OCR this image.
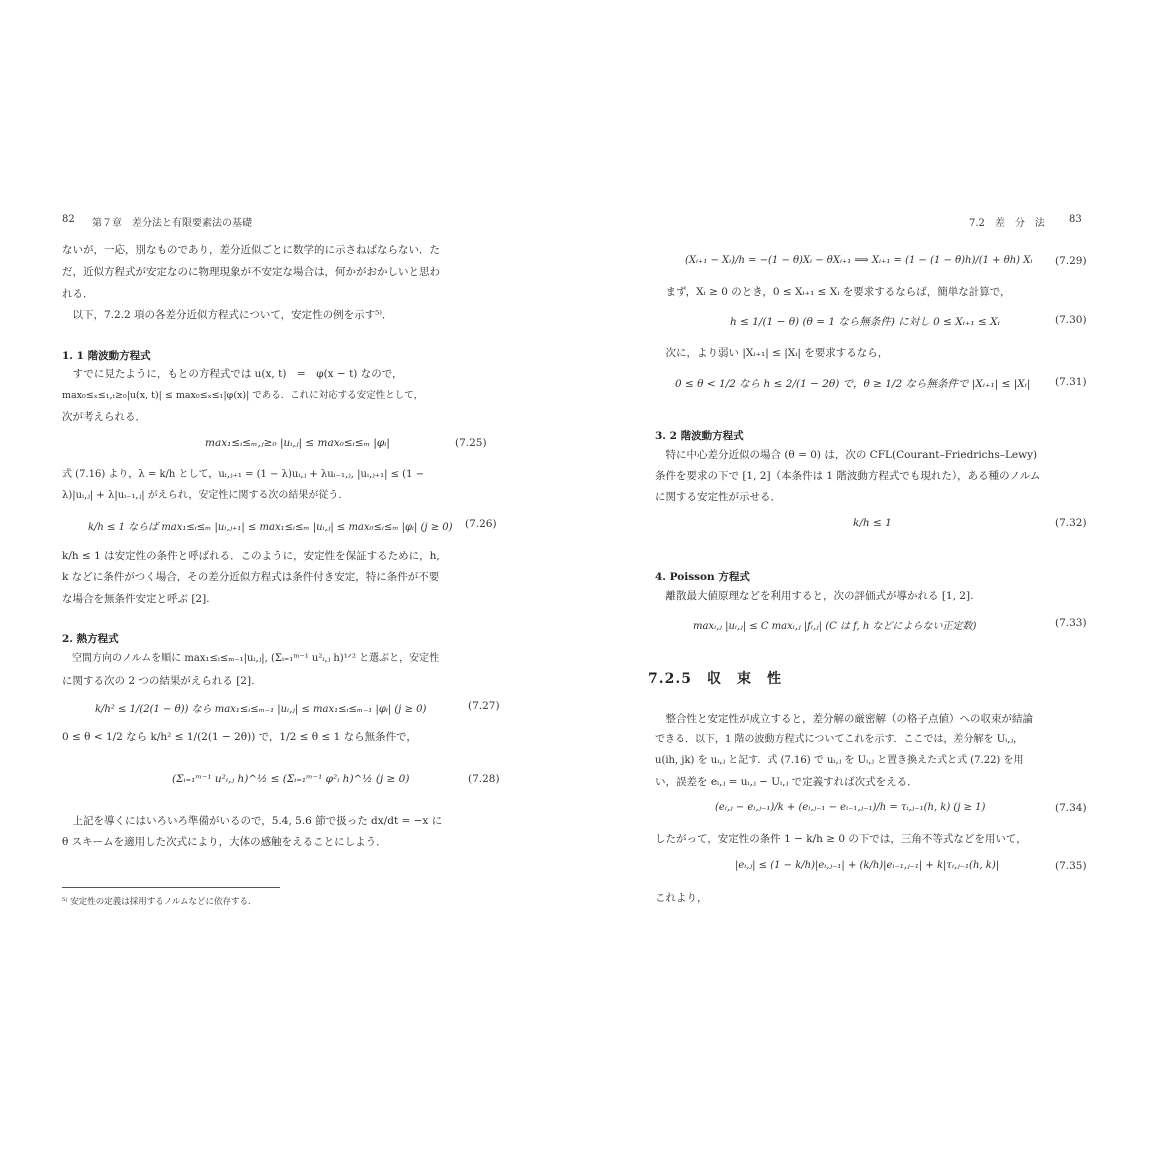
82 第７章　差分法と有限要素法の基礎
ないが，一応，別なものであり，差分近似ごとに数学的に示さねばならない．た
だ，近似方程式が安定なのに物理現象が不安定な場合は，何かがおかしいと思わ
れる．
　以下，7.2.2 項の各差分近似方程式について，安定性の例を示す⁵⁾．
1. 1 階波動方程式
　すでに見たように，もとの方程式では u(x, t)　=　φ(x − t) なので，
max₀≤ₓ≤₁,ₜ≥₀|u(x, t)| ≤ max₀≤ₓ≤₁|φ(x)| である．これに対応する安定性として，
次が考えられる．
max₁≤ᵢ≤ₘ,ⱼ≥₀ |uᵢ,ⱼ| ≤ max₀≤ᵢ≤ₘ |φᵢ|	(7.25)
式 (7.16) より，λ = k/h として，uᵢ,ⱼ₊₁ = (1 − λ)uᵢ,ⱼ + λuᵢ₋₁,ⱼ, |uᵢ,ⱼ₊₁| ≤ (1 −
λ)|uᵢ,ⱼ| + λ|uᵢ₋₁,ⱼ| がえられ，安定性に関する次の結果が従う．
k/h ≤ 1 ならば max₁≤ᵢ≤ₘ |uᵢ,ⱼ₊₁| ≤ max₁≤ᵢ≤ₘ |uᵢ,ⱼ| ≤ max₀≤ᵢ≤ₘ |φᵢ| (j ≥ 0) (7.26)
k/h ≤ 1 は安定性の条件と呼ばれる．このように，安定性を保証するために，h,
k などに条件がつく場合，その差分近似方程式は条件付き安定，特に条件が不要
な場合を無条件安定と呼ぶ [2].
2. 熱方程式
　空間方向のノルムを順に max₁≤ᵢ≤ₘ₋₁|uᵢ,ⱼ|, (Σᵢ₌₁ᵐ⁻¹ u²ᵢ,ⱼ h)¹ᐟ² と選ぶと，安定性
に関する次の 2 つの結果がえられる [2].
k/h² ≤ 1/(2(1 − θ)) なら max₁≤ᵢ≤ₘ₋₁ |uᵢ,ⱼ| ≤ max₁≤ᵢ≤ₘ₋₁ |φᵢ| (j ≥ 0)	(7.27)
0 ≤ θ < 1/2 なら k/h² ≤ 1/(2(1 − 2θ)) で，1/2 ≤ θ ≤ 1 なら無条件で，
(Σᵢ₌₁ᵐ⁻¹ u²ᵢ,ⱼ h)^½ ≤ (Σᵢ₌₁ᵐ⁻¹ φ²ᵢ h)^½ (j ≥ 0)	(7.28)
　上記を導くにはいろいろ準備がいるので，5.4, 5.6 節で扱った dx/dt = −x に
θ スキームを適用した次式により，大体の感触をえることにしよう．
⁵⁾ 安定性の定義は採用するノルムなどに依存する．
7.2　差　分　法 83
(Xᵢ₊₁ − Xᵢ)/h = −(1 − θ)Xᵢ − θXᵢ₊₁ ⟹ Xᵢ₊₁ = (1 − (1 − θ)h)/(1 + θh) Xᵢ (7.29)
　まず，Xᵢ ≥ 0 のとき，0 ≤ Xᵢ₊₁ ≤ Xᵢ を要求するならば，簡単な計算で，
h ≤ 1/(1 − θ) (θ = 1 なら無条件) に対し 0 ≤ Xᵢ₊₁ ≤ Xᵢ	(7.30)
　次に，より弱い |Xᵢ₊₁| ≤ |Xᵢ| を要求するなら，
0 ≤ θ < 1/2 なら h ≤ 2/(1 − 2θ) で，θ ≥ 1/2 なら無条件で |Xᵢ₊₁| ≤ |Xᵢ| (7.31)
3. 2 階波動方程式
　特に中心差分近似の場合 (θ = 0) は，次の CFL(Courant–Friedrichs–Lewy)
条件を要求の下で [1, 2]（本条件は 1 階波動方程式でも現れた），ある種のノルム
に関する安定性が示せる．
k/h ≤ 1	(7.32)
4. Poisson 方程式
　離散最大値原理などを利用すると，次の評価式が導かれる [1, 2].
maxᵢ,ⱼ |uᵢ,ⱼ| ≤ C maxᵢ,ⱼ |fᵢ,ⱼ| (C は f, h などによらない正定数)	(7.33)
7.2.5　収　束　性
　整合性と安定性が成立すると，差分解の厳密解（の格子点値）への収束が結論
できる．以下，1 階の波動方程式についてこれを示す．ここでは，差分解を Uᵢ,ⱼ，
u(ih, jk) を uᵢ,ⱼ と記す．式 (7.16) で uᵢ,ⱼ を Uᵢ,ⱼ と置き換えた式と式 (7.22) を用
い，誤差を eᵢ,ⱼ = uᵢ,ⱼ − Uᵢ,ⱼ で定義すれば次式をえる．
(eᵢ,ⱼ − eᵢ,ⱼ₋₁)/k + (eᵢ,ⱼ₋₁ − eᵢ₋₁,ⱼ₋₁)/h = τᵢ,ⱼ₋₁(h, k) (j ≥ 1)	(7.34)
したがって，安定性の条件 1 − k/h ≥ 0 の下では，三角不等式などを用いて，
|eᵢ,ⱼ| ≤ (1 − k/h)|eᵢ,ⱼ₋₁| + (k/h)|eᵢ₋₁,ⱼ₋₁| + k|τᵢ,ⱼ₋₁(h, k)|	(7.35)
これより，
